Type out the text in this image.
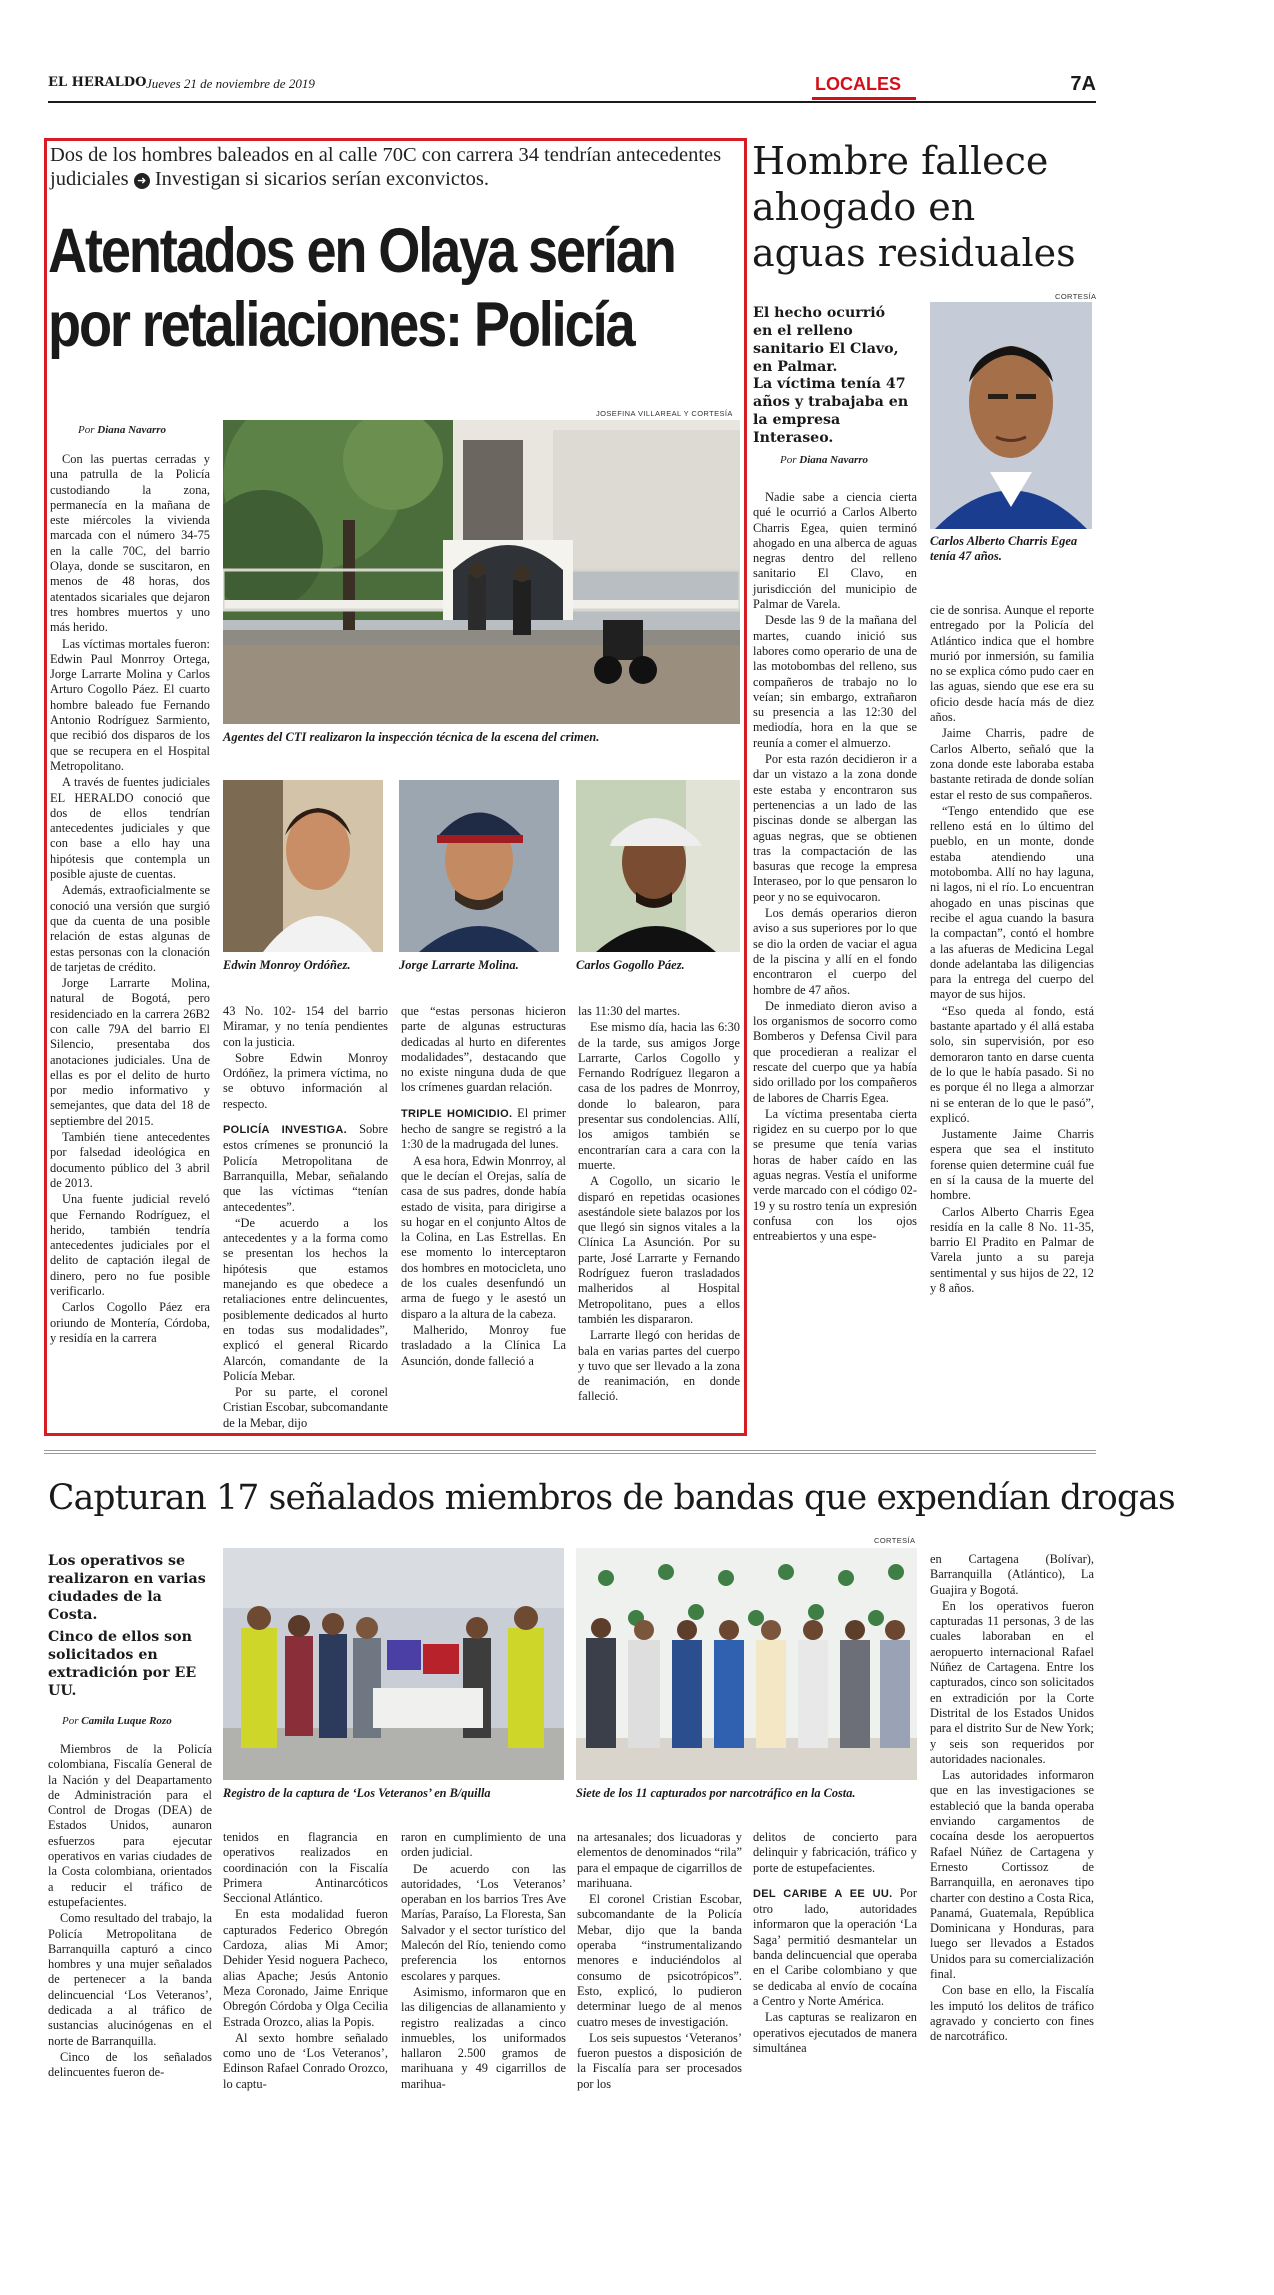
EL HERALDO Jueves 21 de noviembre de 2019	LOCALES	7A
Dos de los hombres baleados en al calle 70C con carrera 34 tendrían antecedentes judiciales ➜ Investigan si sicarios serían exconvictos.
Atentados en Olaya serían
por retaliaciones: Policía
JOSEFINA VILLAREAL Y CORTESÍA
Por Diana Navarro
Agentes del CTI realizaron la inspección técnica de la escena del crimen.
Edwin Monroy Ordóñez.	Jorge Larrarte Molina.	Carlos Gogollo Páez.

Con las puertas cerradas y una patrulla de la Policía custodiando la zona, permanecía en la mañana de este miércoles la vivienda marcada con el número 34-75 en la calle 70C, del barrio Olaya, donde se suscitaron, en menos de 48 horas, dos atentados sicariales que dejaron tres hombres muertos y uno más herido.

Las víctimas mortales fueron: Edwin Paul Monrroy Ortega, Jorge Larrarte Molina y Carlos Arturo Cogollo Páez. El cuarto hombre baleado fue Fernando Antonio Rodríguez Sarmiento, que recibió dos disparos de los que se recupera en el Hospital Metropolitano.

A través de fuentes judiciales EL HERALDO conoció que dos de ellos tendrían antecedentes judiciales y que con base a ello hay una hipótesis que contempla un posible ajuste de cuentas.

Además, extraoficialmente se conoció una versión que surgió que da cuenta de una posible relación de estas algunas de estas personas con la clonación de tarjetas de crédito.

Jorge Larrarte Molina, natural de Bogotá, pero residenciado en la carrera 26B2 con calle 79A del barrio El Silencio, presentaba dos anotaciones judiciales. Una de ellas es por el delito de hurto por medio informativo y semejantes, que data del 18 de septiembre del 2015.

También tiene antecedentes por falsedad ideológica en documento público del 3 abril de 2013.

Una fuente judicial reveló que Fernando Rodríguez, el herido, también tendría antecedentes judiciales por el delito de captación ilegal de dinero, pero no fue posible verificarlo.

Carlos Cogollo Páez era oriundo de Montería, Córdoba, y residía en la carrera

43 No. 102- 154 del barrio Miramar, y no tenía pendientes con la justicia.

Sobre Edwin Monroy Ordóñez, la primera víctima, no se obtuvo información al respecto.

POLICÍA INVESTIGA. Sobre estos crímenes se pronunció la Policía Metropolitana de Barranquilla, Mebar, señalando que las víctimas “tenían antecedentes”.

“De acuerdo a los antecedentes y a la forma como se presentan los hechos la hipótesis que estamos manejando es que obedece a retaliaciones entre delincuentes, posiblemente dedicados al hurto en todas sus modalidades”, explicó el general Ricardo Alarcón, comandante de la Policía Mebar.

Por su parte, el coronel Cristian Escobar, subcomandante de la Mebar, dijo

que “estas personas hicieron parte de algunas estructuras dedicadas al hurto en diferentes modalidades”, destacando que no existe ninguna duda de que los crímenes guardan relación.

TRIPLE HOMICIDIO. El primer hecho de sangre se registró a la 1:30 de la madrugada del lunes.

A esa hora, Edwin Monrroy, al que le decían el Orejas, salía de casa de sus padres, donde había estado de visita, para dirigirse a su hogar en el conjunto Altos de la Colina, en Las Estrellas. En ese momento lo interceptaron dos hombres en motocicleta, uno de los cuales desenfundó un arma de fuego y le asestó un disparo a la altura de la cabeza.

Malherido, Monroy fue trasladado a la Clínica La Asunción, donde falleció a

las 11:30 del martes.

Ese mismo día, hacia las 6:30 de la tarde, sus amigos Jorge Larrarte, Carlos Cogollo y Fernando Rodríguez llegaron a casa de los padres de Monrroy, donde lo balearon, para presentar sus condolencias. Allí, los amigos también se encontrarían cara a cara con la muerte.

A Cogollo, un sicario le disparó en repetidas ocasiones asestándole siete balazos por los que llegó sin signos vitales a la Clínica La Asunción. Por su parte, José Larrarte y Fernando Rodríguez fueron trasladados malheridos al Hospital Metropolitano, pues a ellos también les dispararon.

Larrarte llegó con heridas de bala en varias partes del cuerpo y tuvo que ser llevado a la zona de reanimación, en donde falleció.

Hombre fallece ahogado en aguas residuales
CORTESÍA
El hecho ocurrió en el relleno sanitario El Clavo, en Palmar.
La víctima tenía 47 años y trabajaba en la empresa Interaseo.
Por Diana Navarro
Carlos Alberto Charris Egea tenía 47 años.

Nadie sabe a ciencia cierta qué le ocurrió a Carlos Alberto Charris Egea, quien terminó ahogado en una alberca de aguas negras dentro del relleno sanitario El Clavo, en jurisdicción del municipio de Palmar de Varela.

Desde las 9 de la mañana del martes, cuando inició sus labores como operario de una de las motobombas del relleno, sus compañeros de trabajo no lo veían; sin embargo, extrañaron su presencia a las 12:30 del mediodía, hora en la que se reunía a comer el almuerzo.

Por esta razón decidieron ir a dar un vistazo a la zona donde este estaba y encontraron sus pertenencias a un lado de las piscinas donde se albergan las aguas negras, que se obtienen tras la compactación de las basuras que recoge la empresa Interaseo, por lo que pensaron lo peor y no se equivocaron.

Los demás operarios dieron aviso a sus superiores por lo que se dio la orden de vaciar el agua de la piscina y allí en el fondo encontraron el cuerpo del hombre de 47 años.

De inmediato dieron aviso a los organismos de socorro como Bomberos y Defensa Civil para que procedieran a realizar el rescate del cuerpo que ya había sido orillado por los compañeros de labores de Charris Egea.

La víctima presentaba cierta rigidez en su cuerpo por lo que se presume que tenía varias horas de haber caído en las aguas negras. Vestía el uniforme verde marcado con el código 02-19 y su rostro tenía un expresión confusa con los ojos entreabiertos y una espe-

cie de sonrisa. Aunque el reporte entregado por la Policía del Atlántico indica que el hombre murió por inmersión, su familia no se explica cómo pudo caer en las aguas, siendo que ese era su oficio desde hacía más de diez años.

Jaime Charris, padre de Carlos Alberto, señaló que la zona donde este laboraba estaba bastante retirada de donde solían estar el resto de sus compañeros.

“Tengo entendido que ese relleno está en lo último del pueblo, en un monte, donde estaba atendiendo una motobomba. Allí no hay laguna, ni lagos, ni el río. Lo encuentran ahogado en unas piscinas que recibe el agua cuando la basura la compactan”, contó el hombre a las afueras de Medicina Legal donde adelantaba las diligencias para la entrega del cuerpo del mayor de sus hijos.

“Eso queda al fondo, está bastante apartado y él allá estaba solo, sin supervisión, por eso demoraron tanto en darse cuenta de lo que le había pasado. Si no es porque él no llega a almorzar ni se enteran de lo que le pasó”, explicó.

Justamente Jaime Charris espera que sea el instituto forense quien determine cuál fue en sí la causa de la muerte del hombre.

Carlos Alberto Charris Egea residía en la calle 8 No. 11-35, barrio El Pradito en Palmar de Varela junto a su pareja sentimental y sus hijos de 22, 12 y 8 años.

Capturan 17 señalados miembros de bandas que expendían drogas
Los operativos se realizaron en varias ciudades de la Costa.
Cinco de ellos son solicitados en extradición por EE UU.
Por Camila Luque Rozo
CORTESÍA
Registro de la captura de ‘Los Veteranos’ en B/quilla	Siete de los 11 capturados por narcotráfico en la Costa.

Miembros de la Policía colombiana, Fiscalía General de la Nación y del Deapartamento de Administración para el Control de Drogas (DEA) de Estados Unidos, aunaron esfuerzos para ejecutar operativos en varias ciudades de la Costa colombiana, orientados a reducir el tráfico de estupefacientes.

Como resultado del trabajo, la Policía Metropolitana de Barranquilla capturó a cinco hombres y una mujer señalados de pertenecer a la banda delincuencial ‘Los Veteranos’, dedicada a al tráfico de sustancias alucinógenas en el norte de Barranquilla.

Cinco de los señalados delincuentes fueron de-

tenidos en flagrancia en operativos realizados en coordinación con la Fiscalía Primera Antinarcóticos Seccional Atlántico.

En esta modalidad fueron capturados Federico Obregón Cardoza, alias Mi Amor; Dehider Yesid noguera Pacheco, alias Apache; Jesús Antonio Meza Coronado, Jaime Enrique Obregón Córdoba y Olga Cecilia Estrada Orozco, alias la Popis.

Al sexto hombre señalado como uno de ‘Los Veteranos’, Edinson Rafael Conrado Orozco, lo captu-

raron en cumplimiento de una orden judicial.

De acuerdo con las autoridades, ‘Los Veteranos’ operaban en los barrios Tres Ave Marías, Paraíso, La Floresta, San Salvador y el sector turístico del Malecón del Río, teniendo como preferencia los entornos escolares y parques.

Asimismo, informaron que en las diligencias de allanamiento y registro realizadas a cinco inmuebles, los uniformados hallaron 2.500 gramos de marihuana y 49 cigarrillos de marihua-

na artesanales; dos licuadoras y elementos de denominados “rila” para el empaque de cigarrillos de marihuana.

El coronel Cristian Escobar, subcomandante de la Policía Mebar, dijo que la banda operaba “instrumentalizando menores e induciéndolos al consumo de psicotrópicos”. Esto, explicó, lo pudieron determinar luego de al menos cuatro meses de investigación.

Los seis supuestos ‘Veteranos’ fueron puestos a disposición de la Fiscalía para ser procesados por los

delitos de concierto para delinquir y fabricación, tráfico y porte de estupefacientes.

DEL CARIBE A EE UU. Por otro lado, autoridades informaron que la operación ‘La Saga’ permitió desmantelar un banda delincuencial que operaba en el Caribe colombiano y que se dedicaba al envío de cocaína a Centro y Norte América.

Las capturas se realizaron en operativos ejecutados de manera simultánea

en Cartagena (Bolívar), Barranquilla (Atlántico), La Guajira y Bogotá.

En los operativos fueron capturadas 11 personas, 3 de las cuales laboraban en el aeropuerto internacional Rafael Núñez de Cartagena. Entre los capturados, cinco son solicitados en extradición por la Corte Distrital de los Estados Unidos para el distrito Sur de New York; y seis son requeridos por autoridades nacionales.

Las autoridades informaron que en las investigaciones se estableció que la banda operaba enviando cargamentos de cocaína desde los aeropuertos Rafael Núñez de Cartagena y Ernesto Cortissoz de Barranquilla, en aeronaves tipo charter con destino a Costa Rica, Panamá, Guatemala, República Dominicana y Honduras, para luego ser llevados a Estados Unidos para su comercialización final.

Con base en ello, la Fiscalía les imputó los delitos de tráfico agravado y concierto con fines de narcotráfico.
